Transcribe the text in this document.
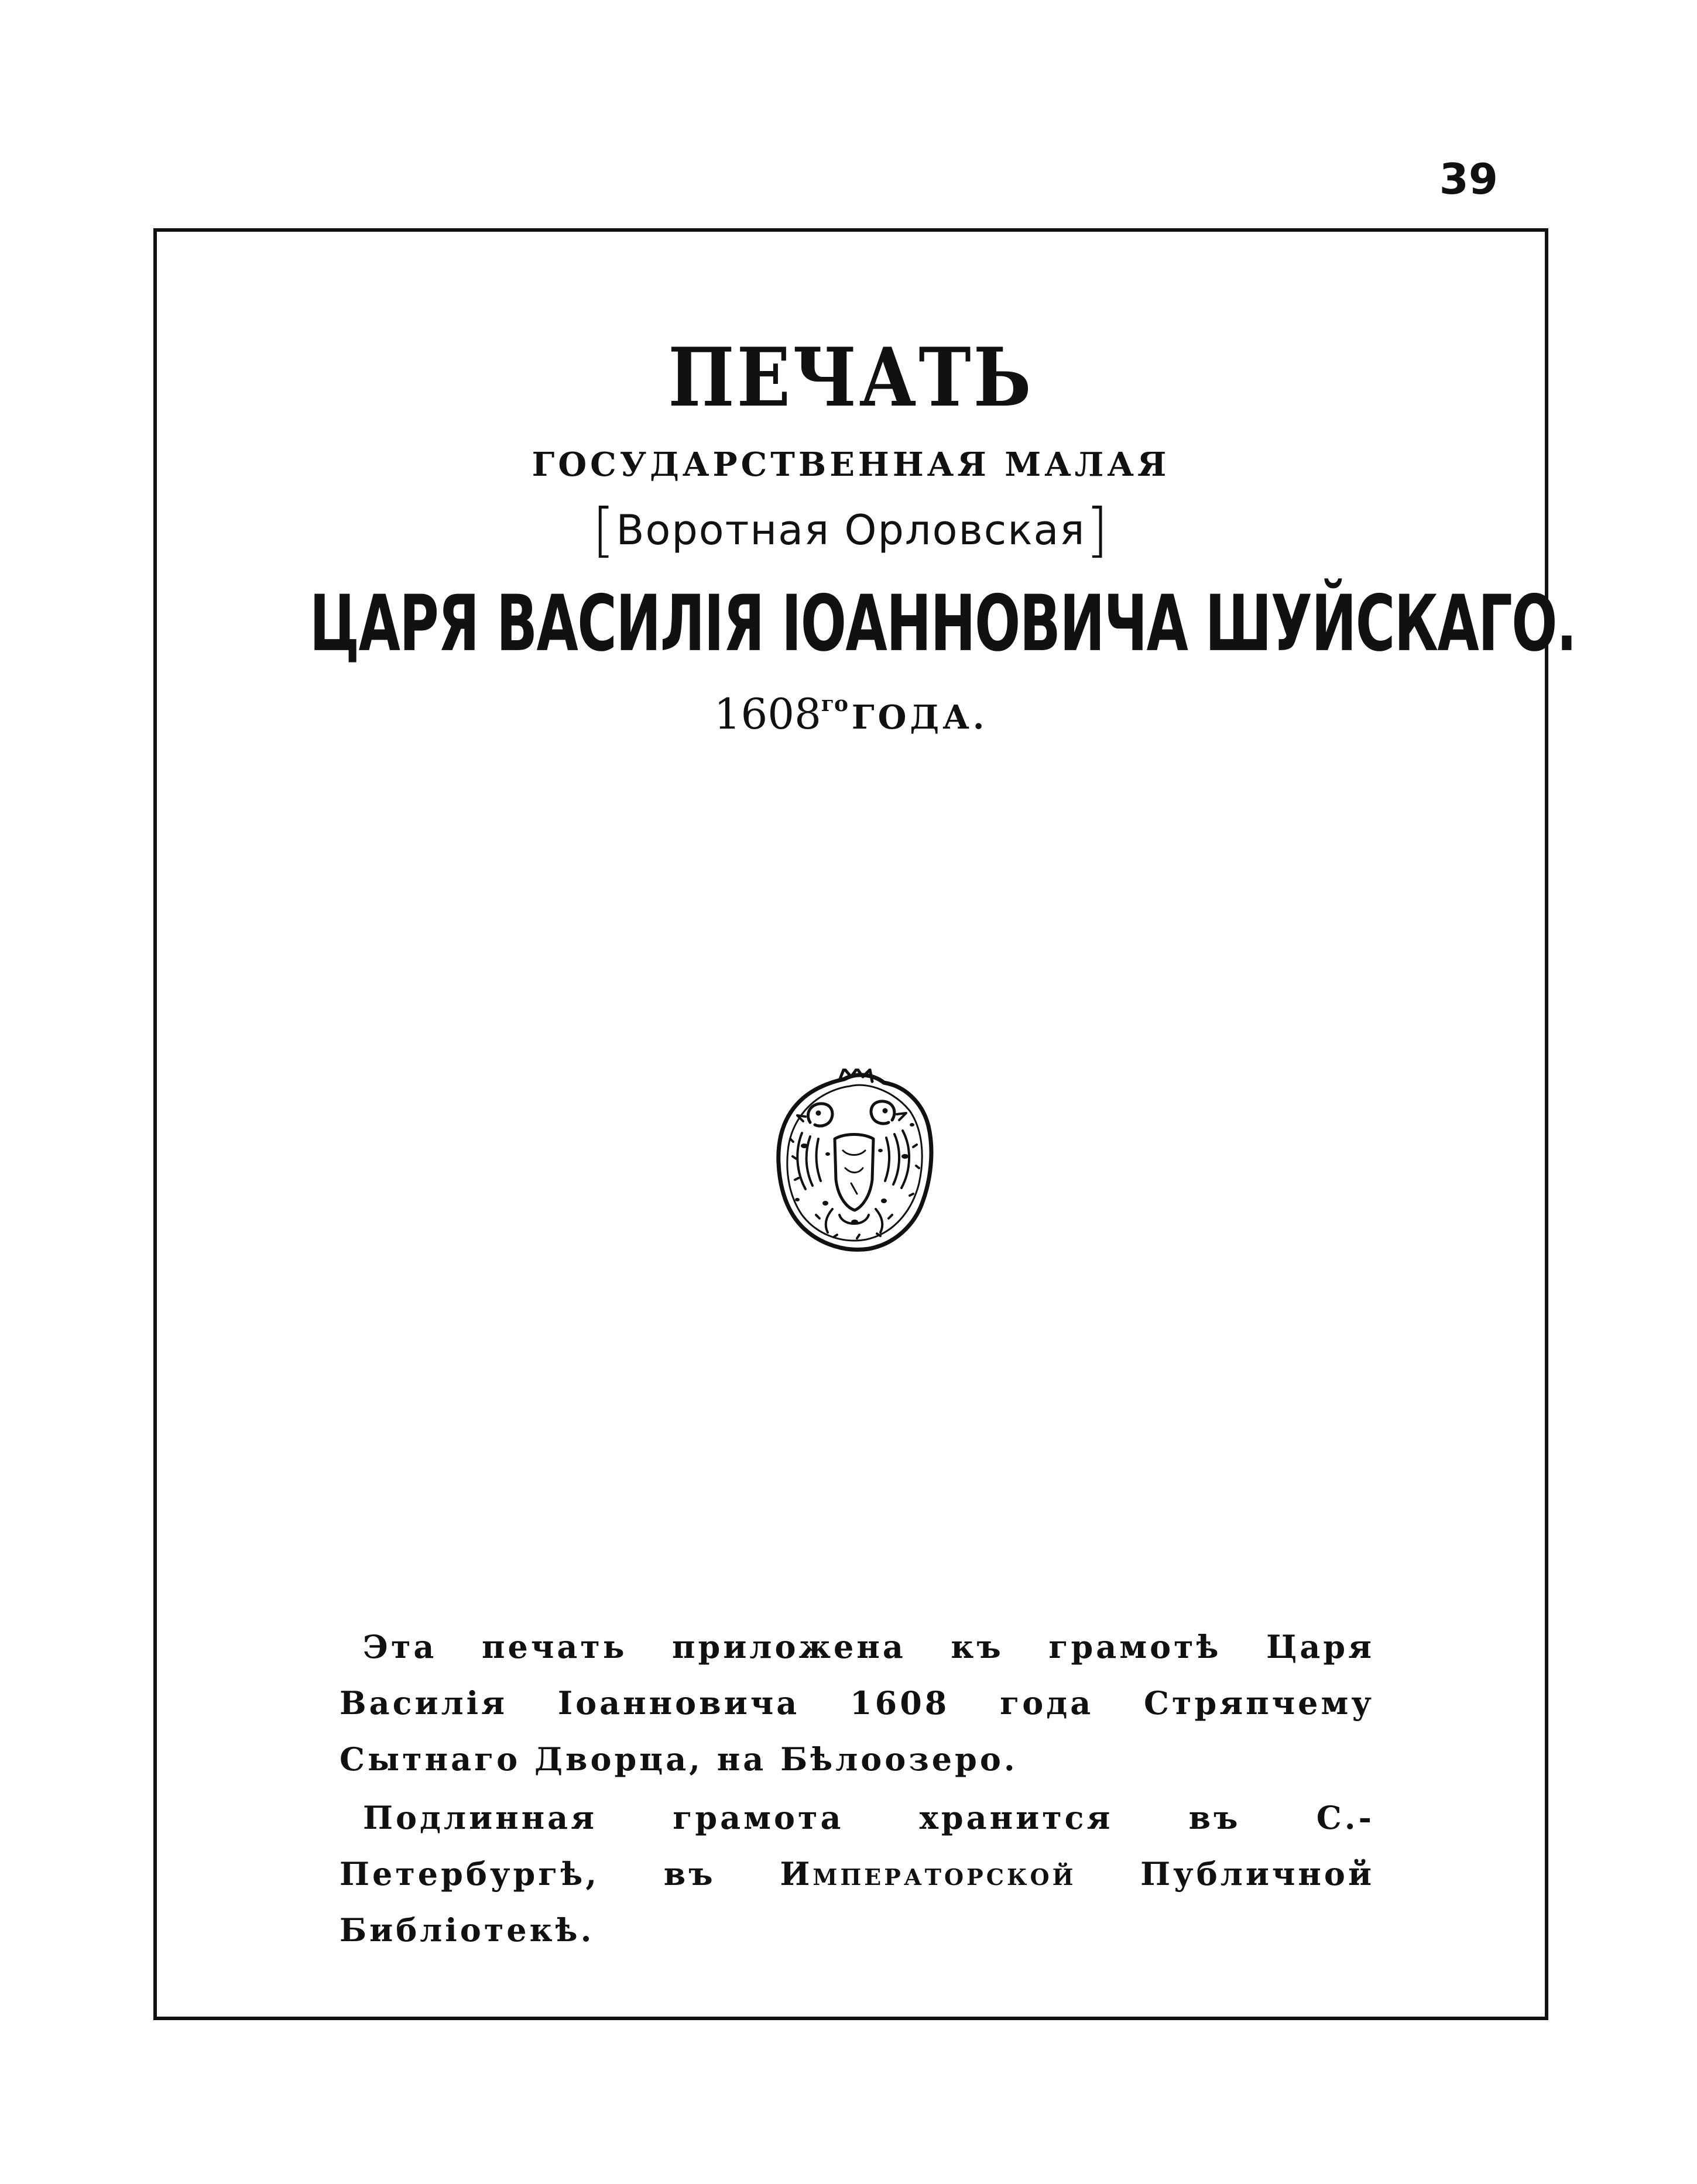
39
ПЕЧАТЬ
ГОСУДАРСТВЕННАЯ МАЛАЯ
[Воротная Орловская]
ЦАРЯ ВАСИЛІЯ ІОАННОВИЧА ШУЙСКАГО.
$1608^{го}$ ГОДА.

Эта печать приложена къ грамотѣ Царя Василія Іоанновича 1608 года Стряпчему Сытнаго Дворца, на Бѣлоозеро.

Подлинная грамота хранится въ С.-Петербургѣ, въ Императорской Публичной Библіотекѣ.
